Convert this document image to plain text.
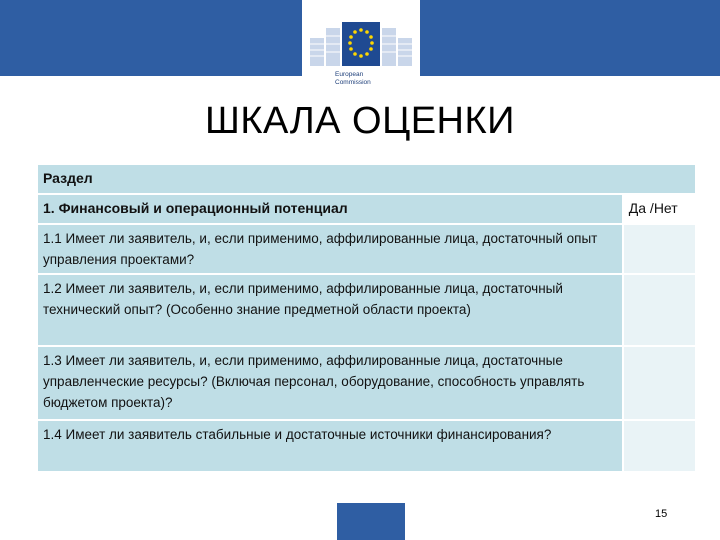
European
Commission
ШКАЛА ОЦЕНКИ
Раздел	
1. Финансовый и операционный потенциал	Да /Нет
1.1 Имеет ли заявитель, и, если применимо, аффилированные лица, достаточный опыт управления проектами?	
1.2 Имеет ли заявитель, и, если применимо, аффилированные лица, достаточный технический опыт? (Особенно знание предметной области проекта)	
1.3 Имеет ли заявитель, и, если применимо, аффилированные лица, достаточные управленческие ресурсы? (Включая персонал, оборудование, способность управлять бюджетом проекта)?	
1.4 Имеет ли заявитель стабильные и достаточные источники финансирования?	
15
